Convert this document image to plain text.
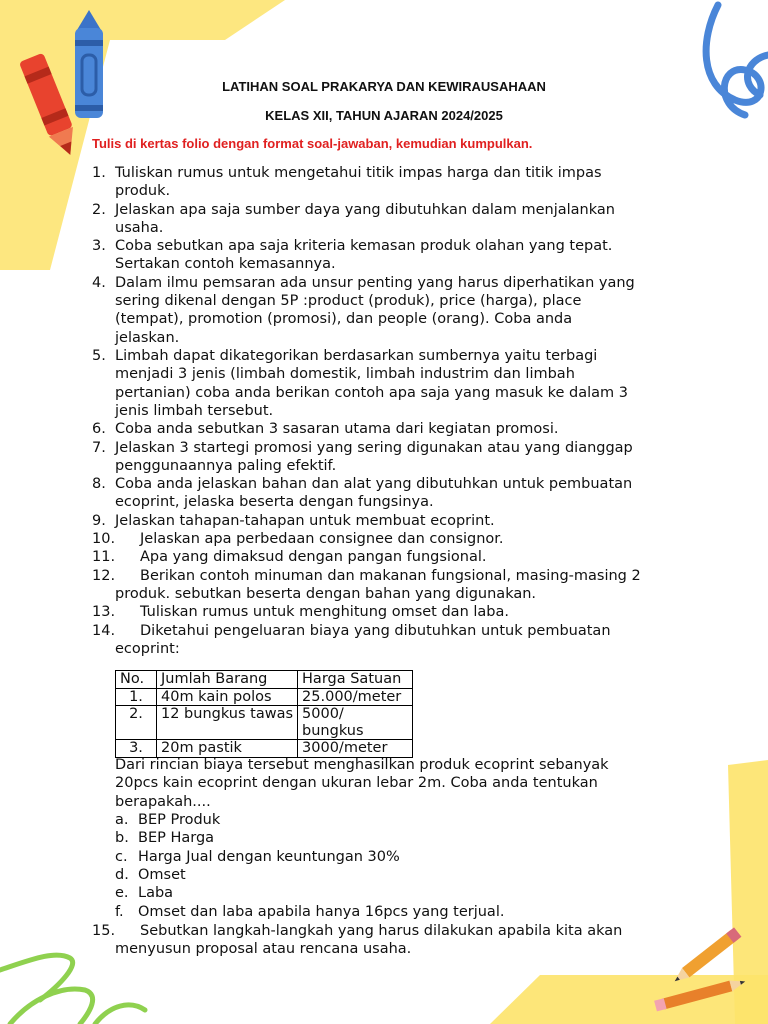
LATIHAN SOAL PRAKARYA DAN KEWIRAUSAHAAN
KELAS XII, TAHUN AJARAN 2024/2025
Tulis di kertas folio dengan format soal-jawaban, kemudian kumpulkan.
1. Tuliskan rumus untuk mengetahui titik impas harga dan titik impas
produk.
2. Jelaskan apa saja sumber daya yang dibutuhkan dalam menjalankan
usaha.
3. Coba sebutkan apa saja kriteria kemasan produk olahan yang tepat.
Sertakan contoh kemasannya.
4. Dalam ilmu pemsaran ada unsur penting yang harus diperhatikan yang
sering dikenal dengan 5P :product (produk), price (harga), place
(tempat), promotion (promosi), dan people (orang). Coba anda
jelaskan.
5. Limbah dapat dikategorikan berdasarkan sumbernya yaitu terbagi
menjadi 3 jenis (limbah domestik, limbah industrim dan limbah
pertanian) coba anda berikan contoh apa saja yang masuk ke dalam 3
jenis limbah tersebut.
6. Coba anda sebutkan 3 sasaran utama dari kegiatan promosi.
7. Jelaskan 3 startegi promosi yang sering digunakan atau yang dianggap
penggunaannya paling efektif.
8. Coba anda jelaskan bahan dan alat yang dibutuhkan untuk pembuatan
ecoprint, jelaska beserta dengan fungsinya.
9. Jelaskan tahapan-tahapan untuk membuat ecoprint.
10. Jelaskan apa perbedaan consignee dan consignor.
11. Apa yang dimaksud dengan pangan fungsional.
12. Berikan contoh minuman dan makanan fungsional, masing-masing 2
produk. sebutkan beserta dengan bahan yang digunakan.
13. Tuliskan rumus untuk menghitung omset dan laba.
14. Diketahui pengeluaran biaya yang dibutuhkan untuk pembuatan
ecoprint:
No.	Jumlah Barang	Harga Satuan
1.	40m kain polos	25.000/meter
2.	12 bungkus tawas	5000/ bungkus
3.	20m pastik	3000/meter
Dari rincian biaya tersebut menghasilkan produk ecoprint sebanyak
20pcs kain ecoprint dengan ukuran lebar 2m. Coba anda tentukan
berapakah....
a. BEP Produk
b. BEP Harga
c. Harga Jual dengan keuntungan 30%
d. Omset
e. Laba
f. Omset dan laba apabila hanya 16pcs yang terjual.
15. Sebutkan langkah-langkah yang harus dilakukan apabila kita akan
menyusun proposal atau rencana usaha.
